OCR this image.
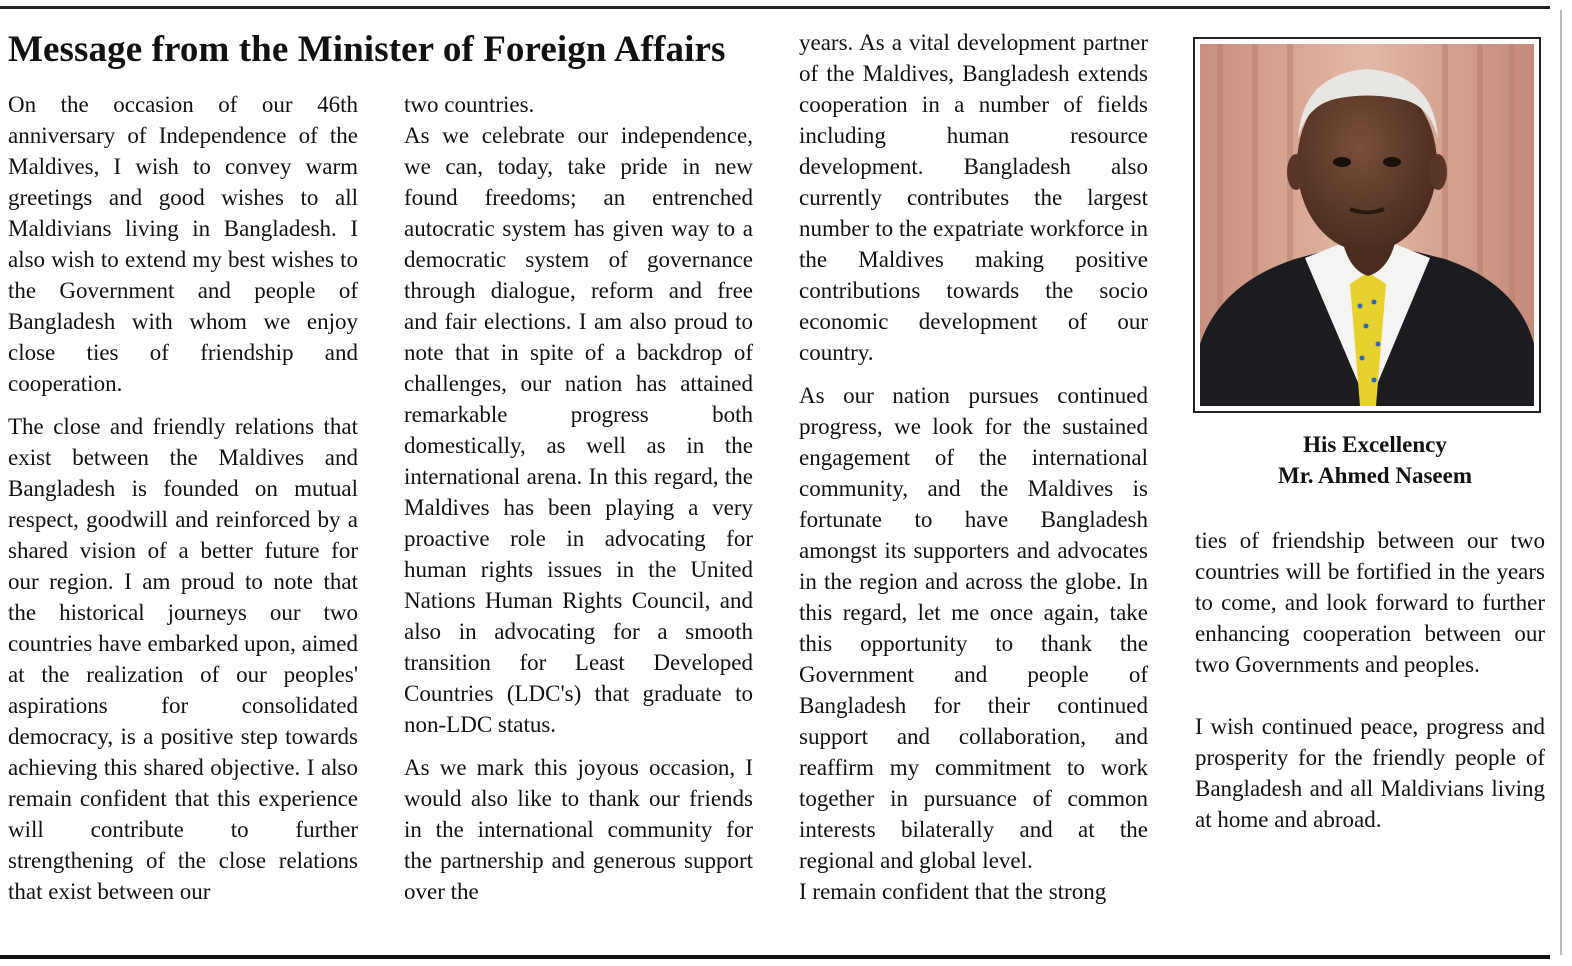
Message from the Minister of Foreign Affairs

On the occasion of our 46th anniversary of Independence of the Maldives, I wish to convey warm greetings and good wishes to all Maldivians living in Bangladesh. I also wish to extend my best wishes to the Government and people of Bangladesh with whom we enjoy close ties of friendship and cooperation.

The close and friendly relations that exist between the Maldives and Bangladesh is founded on mutual respect, goodwill and reinforced by a shared vision of a better future for our region. I am proud to note that the historical journeys our two countries have embarked upon, aimed at the realization of our peoples' aspirations for consolidated democracy, is a positive step towards achieving this shared objective. I also remain confident that this experience will contribute to further strengthening of the close relations that exist between our

two countries.

As we celebrate our independence, we can, today, take pride in new found freedoms; an entrenched autocratic system has given way to a democratic system of governance through dialogue, reform and free and fair elections. I am also proud to note that in spite of a backdrop of challenges, our nation has attained remarkable progress both domestically, as well as in the international arena. In this regard, the Maldives has been playing a very proactive role in advocating for human rights issues in the United Nations Human Rights Council, and also in advocating for a smooth transition for Least Developed Countries (LDC's) that graduate to non-LDC status.

As we mark this joyous occasion, I would also like to thank our friends in the international community for the partnership and generous support over the

years. As a vital development partner of the Maldives, Bangladesh extends cooperation in a number of fields including human resource development. Bangladesh also currently contributes the largest number to the expatriate workforce in the Maldives making positive contributions towards the socio economic development of our country.

As our nation pursues continued progress, we look for the sustained engagement of the international community, and the Maldives is fortunate to have Bangladesh amongst its supporters and advocates in the region and across the globe. In this regard, let me once again, take this opportunity to thank the Government and people of Bangladesh for their continued support and collaboration, and reaffirm my commitment to work together in pursuance of common interests bilaterally and at the regional and global level.

I remain confident that the strong

His Excellency
Mr. Ahmed Naseem

ties of friendship between our two countries will be fortified in the years to come, and look forward to further enhancing cooperation between our two Governments and peoples.

I wish continued peace, progress and prosperity for the friendly people of Bangladesh and all Maldivians living at home and abroad.
